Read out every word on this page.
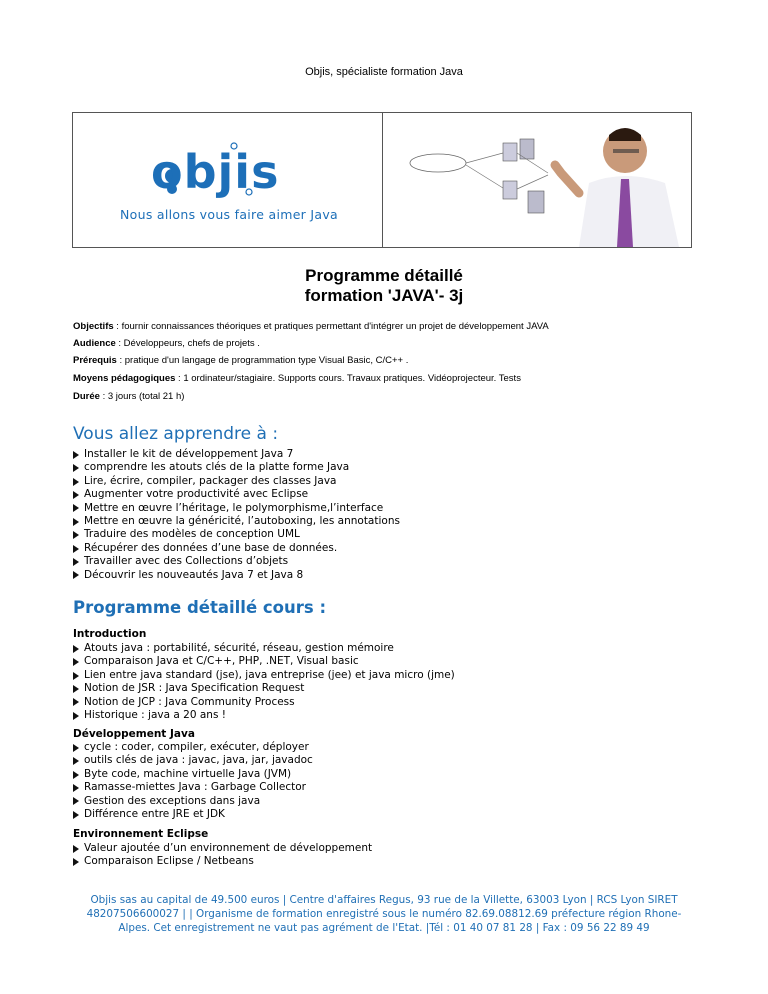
Objis, spécialiste formation Java
objis
Nous allons vous faire aimer Java
Programme détaillé
formation 'JAVA'- 3j
Objectifs : fournir connaissances théoriques et pratiques permettant d'intégrer un projet de développement JAVA
Audience : Développeurs, chefs de projets .
Prérequis : pratique d'un langage de programmation type Visual Basic, C/C++ .
Moyens pédagogiques : 1 ordinateur/stagiaire. Supports cours. Travaux pratiques. Vidéoprojecteur. Tests
Durée : 3 jours (total 21 h)
Vous allez apprendre à :
Installer le kit de développement Java 7
comprendre les atouts clés de la platte forme Java
Lire, écrire, compiler, packager des classes Java
Augmenter votre productivité avec Eclipse
Mettre en œuvre l’héritage, le polymorphisme,l’interface
Mettre en œuvre la généricité, l’autoboxing, les annotations
Traduire des modèles de conception UML
Récupérer des données d’une base de données.
Travailler avec des Collections d’objets
Découvrir les nouveautés Java 7 et Java 8
Programme détaillé cours :
Introduction
Atouts java : portabilité, sécurité, réseau, gestion mémoire
Comparaison Java et C/C++, PHP, .NET, Visual basic
Lien entre java standard (jse), java entreprise (jee) et java micro (jme)
Notion de JSR : Java Specification Request
Notion de JCP : Java Community Process
Historique : java a 20 ans !
Développement Java
cycle : coder, compiler, exécuter, déployer
outils clés de java : javac, java, jar, javadoc
Byte code, machine virtuelle Java (JVM)
Ramasse-miettes Java : Garbage Collector
Gestion des exceptions dans java
Différence entre JRE et JDK
Environnement Eclipse
Valeur ajoutée d’un environnement de développement
Comparaison Eclipse / Netbeans
Objis sas au capital de 49.500 euros | Centre d'affaires Regus, 93 rue de la Villette, 63003 Lyon | RCS Lyon SIRET
48207506600027 | | Organisme de formation enregistré sous le numéro 82.69.08812.69 préfecture région Rhone-
Alpes. Cet enregistrement ne vaut pas agrément de l'Etat. |Tél : 01 40 07 81 28 | Fax : 09 56 22 89 49
